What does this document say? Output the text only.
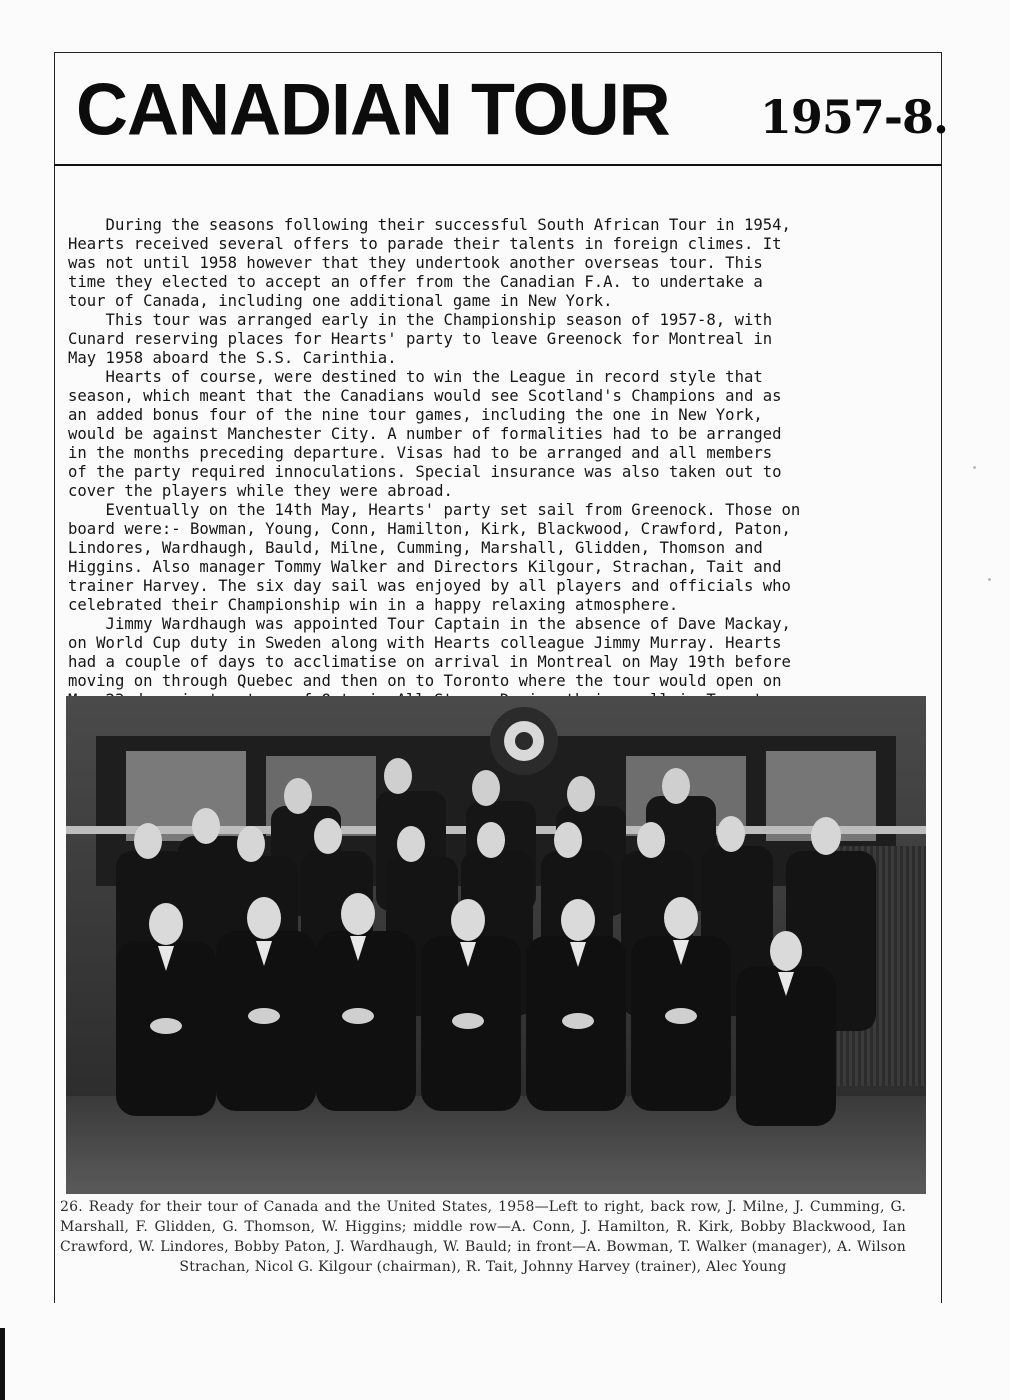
CANADIAN TOUR 1957-8.

During the seasons following their successful South African Tour in 1954,
Hearts received several offers to parade their talents in foreign climes. It
was not until 1958 however that they undertook another overseas tour. This
time they elected to accept an offer from the Canadian F.A. to undertake a
tour of Canada, including one additional game in New York.
This tour was arranged early in the Championship season of 1957-8, with
Cunard reserving places for Hearts' party to leave Greenock for Montreal in
May 1958 aboard the S.S. Carinthia.
Hearts of course, were destined to win the League in record style that
season, which meant that the Canadians would see Scotland's Champions and as
an added bonus four of the nine tour games, including the one in New York,
would be against Manchester City. A number of formalities had to be arranged
in the months preceding departure. Visas had to be arranged and all members
of the party required innoculations. Special insurance was also taken out to
cover the players while they were abroad.
Eventually on the 14th May, Hearts' party set sail from Greenock. Those on
board were:- Bowman, Young, Conn, Hamilton, Kirk, Blackwood, Crawford, Paton,
Lindores, Wardhaugh, Bauld, Milne, Cumming, Marshall, Glidden, Thomson and
Higgins. Also manager Tommy Walker and Directors Kilgour, Strachan, Tait and
trainer Harvey. The six day sail was enjoyed by all players and officials who
celebrated their Championship win in a happy relaxing atmosphere.
Jimmy Wardhaugh was appointed Tour Captain in the absence of Dave Mackay,
on World Cup duty in Sweden along with Hearts colleague Jimmy Murray. Hearts
had a couple of days to acclimatise on arrival in Montreal on May 19th before
moving on through Quebec and then on to Toronto where the tour would open on

26. Ready for their tour of Canada and the United States, 1958—Left to right, back row, J. Milne, J. Cumming, G. Marshall, F. Glidden, G. Thomson, W. Higgins; middle row—A. Conn, J. Hamilton, R. Kirk, Bobby Blackwood, Ian Crawford, W. Lindores, Bobby Paton, J. Wardhaugh, W. Bauld; in front—A. Bowman, T. Walker (manager), A. Wilson Strachan, Nicol G. Kilgour (chairman), R. Tait, Johnny Harvey (trainer), Alec Young
